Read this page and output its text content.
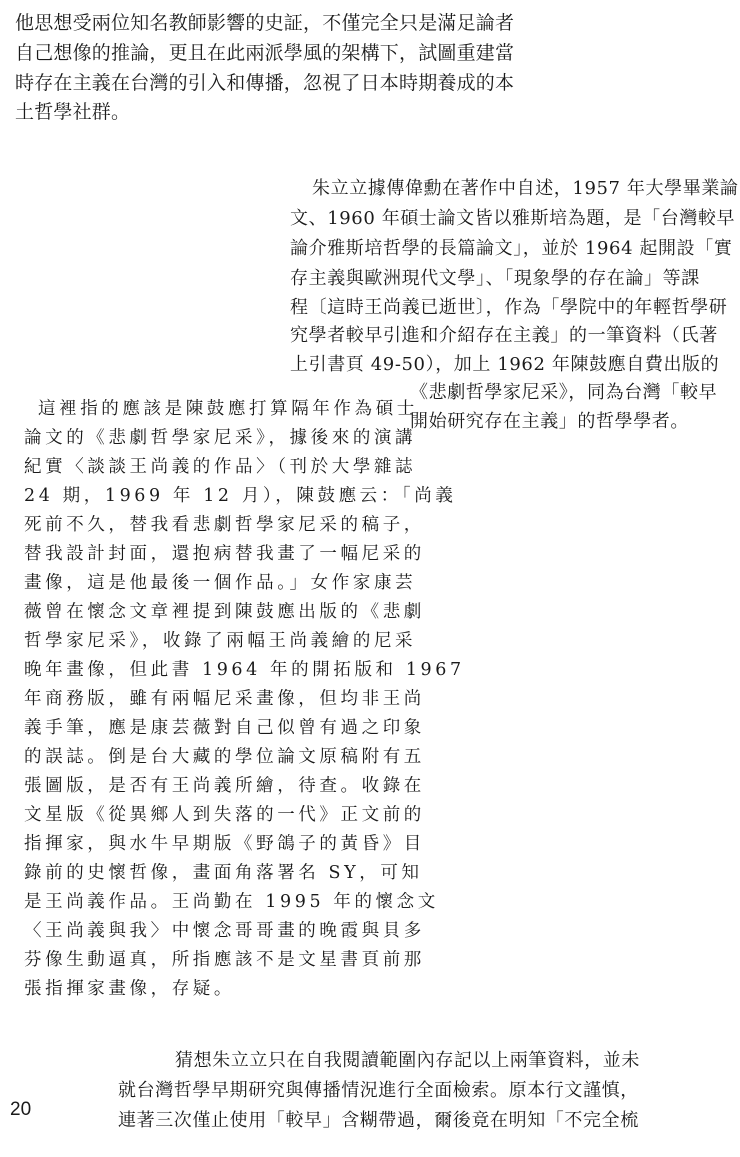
他思想受兩位知名教師影響的史証，不僅完全只是滿足論者
自己想像的推論，更且在此兩派學風的架構下，試圖重建當
時存在主義在台灣的引入和傳播，忽視了日本時期養成的本
土哲學社群。
朱立立據傳偉勳在著作中自述，1957 年大學畢業論
文、1960 年碩士論文皆以雅斯培為題，是「台灣較早
論介雅斯培哲學的長篇論文」，並於 1964 起開設「實
存主義與歐洲現代文學」、「現象學的存在論」等課
程〔這時王尚義已逝世〕，作為「學院中的年輕哲學研
究學者較早引進和介紹存在主義」的一筆資料（氏著
上引書頁 49-50），加上 1962 年陳鼓應自費出版的
《悲劇哲學家尼采》，同為台灣「較早
開始研究存在主義」的哲學學者。
這裡指的應該是陳鼓應打算隔年作為碩士
論文的《悲劇哲學家尼采》，據後來的演講
紀實〈談談王尚義的作品〉（刊於大學雜誌
24 期，1969 年 12 月），陳鼓應云：「尚義
死前不久，替我看悲劇哲學家尼采的稿子，
替我設計封面，還抱病替我畫了一幅尼采的
畫像，這是他最後一個作品。」女作家康芸
薇曾在懷念文章裡提到陳鼓應出版的《悲劇
哲學家尼采》，收錄了兩幅王尚義繪的尼采
晚年畫像，但此書 1964 年的開拓版和 1967
年商務版，雖有兩幅尼采畫像，但均非王尚
義手筆，應是康芸薇對自己似曾有過之印象
的誤誌。倒是台大藏的學位論文原稿附有五
張圖版，是否有王尚義所繪，待查。收錄在
文星版《從異鄉人到失落的一代》正文前的
指揮家，與水牛早期版《野鴿子的黃昏》目
錄前的史懷哲像，畫面角落署名 SY，可知
是王尚義作品。王尚勤在 1995 年的懷念文
〈王尚義與我〉中懷念哥哥畫的晚霞與貝多
芬像生動逼真，所指應該不是文星書頁前那
張指揮家畫像，存疑。
猜想朱立立只在自我閱讀範圍內存記以上兩筆資料，並未
就台灣哲學早期研究與傳播情況進行全面檢索。原本行文謹慎，
連著三次僅止使用「較早」含糊帶過，爾後竟在明知「不完全梳
20
